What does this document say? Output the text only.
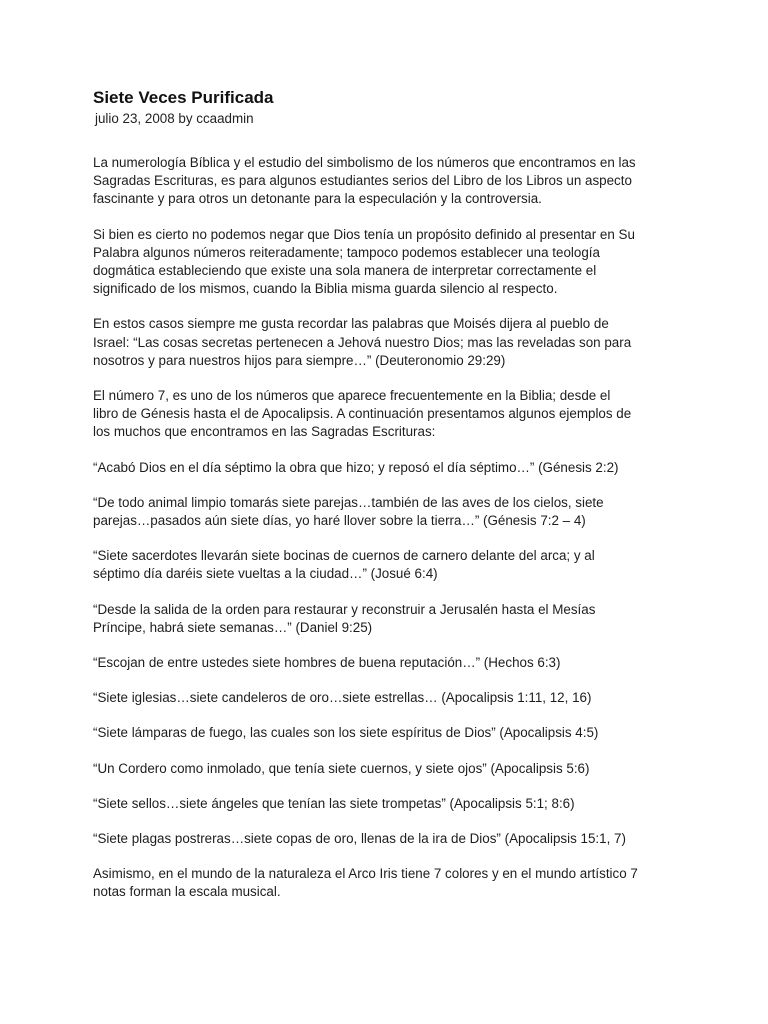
Siete Veces Purificada
julio 23, 2008 by ccaadmin

La numerología Bíblica y el estudio del simbolismo de los números que encontramos en las
Sagradas Escrituras, es para algunos estudiantes serios del Libro de los Libros un aspecto
fascinante y para otros un detonante para la especulación y la controversia.

Si bien es cierto no podemos negar que Dios tenía un propósito definido al presentar en Su
Palabra algunos números reiteradamente; tampoco podemos establecer una teología
dogmática estableciendo que existe una sola manera de interpretar correctamente el
significado de los mismos, cuando la Biblia misma guarda silencio al respecto.

En estos casos siempre me gusta recordar las palabras que Moisés dijera al pueblo de
Israel: “Las cosas secretas pertenecen a Jehová nuestro Dios; mas las reveladas son para
nosotros y para nuestros hijos para siempre…” (Deuteronomio 29:29)

El número 7, es uno de los números que aparece frecuentemente en la Biblia; desde el
libro de Génesis hasta el de Apocalipsis. A continuación presentamos algunos ejemplos de
los muchos que encontramos en las Sagradas Escrituras:

“Acabó Dios en el día séptimo la obra que hizo; y reposó el día séptimo…” (Génesis 2:2)

“De todo animal limpio tomarás siete parejas…también de las aves de los cielos, siete
parejas…pasados aún siete días, yo haré llover sobre la tierra…” (Génesis 7:2 – 4)

“Siete sacerdotes llevarán siete bocinas de cuernos de carnero delante del arca; y al
séptimo día daréis siete vueltas a la ciudad…” (Josué 6:4)

“Desde la salida de la orden para restaurar y reconstruir a Jerusalén hasta el Mesías
Príncipe, habrá siete semanas…” (Daniel 9:25)

“Escojan de entre ustedes siete hombres de buena reputación…” (Hechos 6:3)

“Siete iglesias…siete candeleros de oro…siete estrellas… (Apocalipsis 1:11, 12, 16)

“Siete lámparas de fuego, las cuales son los siete espíritus de Dios” (Apocalipsis 4:5)

“Un Cordero como inmolado, que tenía siete cuernos, y siete ojos” (Apocalipsis 5:6)

“Siete sellos…siete ángeles que tenían las siete trompetas” (Apocalipsis 5:1; 8:6)

“Siete plagas postreras…siete copas de oro, llenas de la ira de Dios” (Apocalipsis 15:1, 7)

Asimismo, en el mundo de la naturaleza el Arco Iris tiene 7 colores y en el mundo artístico 7
notas forman la escala musical.
